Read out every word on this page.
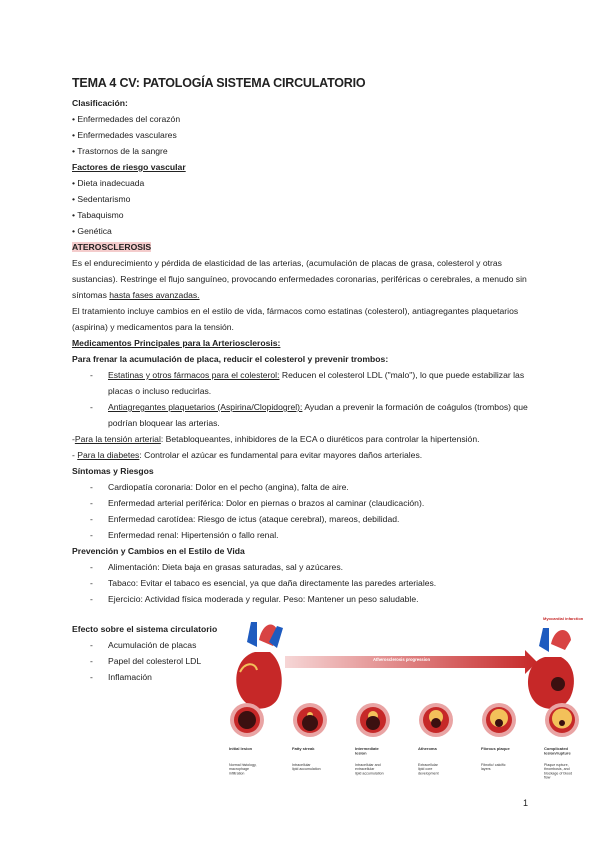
TEMA 4 CV: PATOLOGÍA SISTEMA CIRCULATORIO
Clasificación:
• Enfermedades del corazón
• Enfermedades vasculares
• Trastornos de la sangre
Factores de riesgo vascular
• Dieta inadecuada
• Sedentarismo
• Tabaquismo
• Genética
ATEROSCLEROSIS
Es el endurecimiento y pérdida de elasticidad de las arterias, (acumulación de placas de grasa, colesterol y otras sustancias). Restringe el flujo sanguíneo, provocando enfermedades coronarias, periféricas o cerebrales, a menudo sin síntomas hasta fases avanzadas.
El tratamiento incluye cambios en el estilo de vida, fármacos como estatinas (colesterol), antiagregantes plaquetarios (aspirina) y medicamentos para la tensión.
Medicamentos Principales para la Arteriosclerosis:
Para frenar la acumulación de placa, reducir el colesterol y prevenir trombos:
- Estatinas y otros fármacos para el colesterol: Reducen el colesterol LDL ("malo"), lo que puede estabilizar las placas o incluso reducirlas.
- Antiagregantes plaquetarios (Aspirina/Clopidogrel): Ayudan a prevenir la formación de coágulos (trombos) que podrían bloquear las arterias.
-Para la tensión arterial: Betabloqueantes, inhibidores de la ECA o diuréticos para controlar la hipertensión.
- Para la diabetes: Controlar el azúcar es fundamental para evitar mayores daños arteriales.
Síntomas y Riesgos
- Cardiopatía coronaria: Dolor en el pecho (angina), falta de aire.
- Enfermedad arterial periférica: Dolor en piernas o brazos al caminar (claudicación).
- Enfermedad carotídea: Riesgo de ictus (ataque cerebral), mareos, debilidad.
- Enfermedad renal: Hipertensión o fallo renal.
Prevención y Cambios en el Estilo de Vida
- Alimentación: Dieta baja en grasas saturadas, sal y azúcares.
- Tabaco: Evitar el tabaco es esencial, ya que daña directamente las paredes arteriales.
- Ejercicio: Actividad física moderada y regular. Peso: Mantener un peso saludable.
Efecto sobre el sistema circulatorio
- Acumulación de placas
- Papel del colesterol LDL
- Inflamación
Myocardial infarction
Atherosclerosis progression
Initial lesion
Normal histology, macrophage infiltration
Fatty streak
Intracellular lipid accumulation
Intermediate lesion
Intracellular and extracellular lipid accumulation
Atheroma
Extracellular lipid core development
Fibrous plaque
Fibrotic/ calcific layers
Complicated lesion/rupture
Plaque rupture, thrombosis, and blockage of blood flow
1
